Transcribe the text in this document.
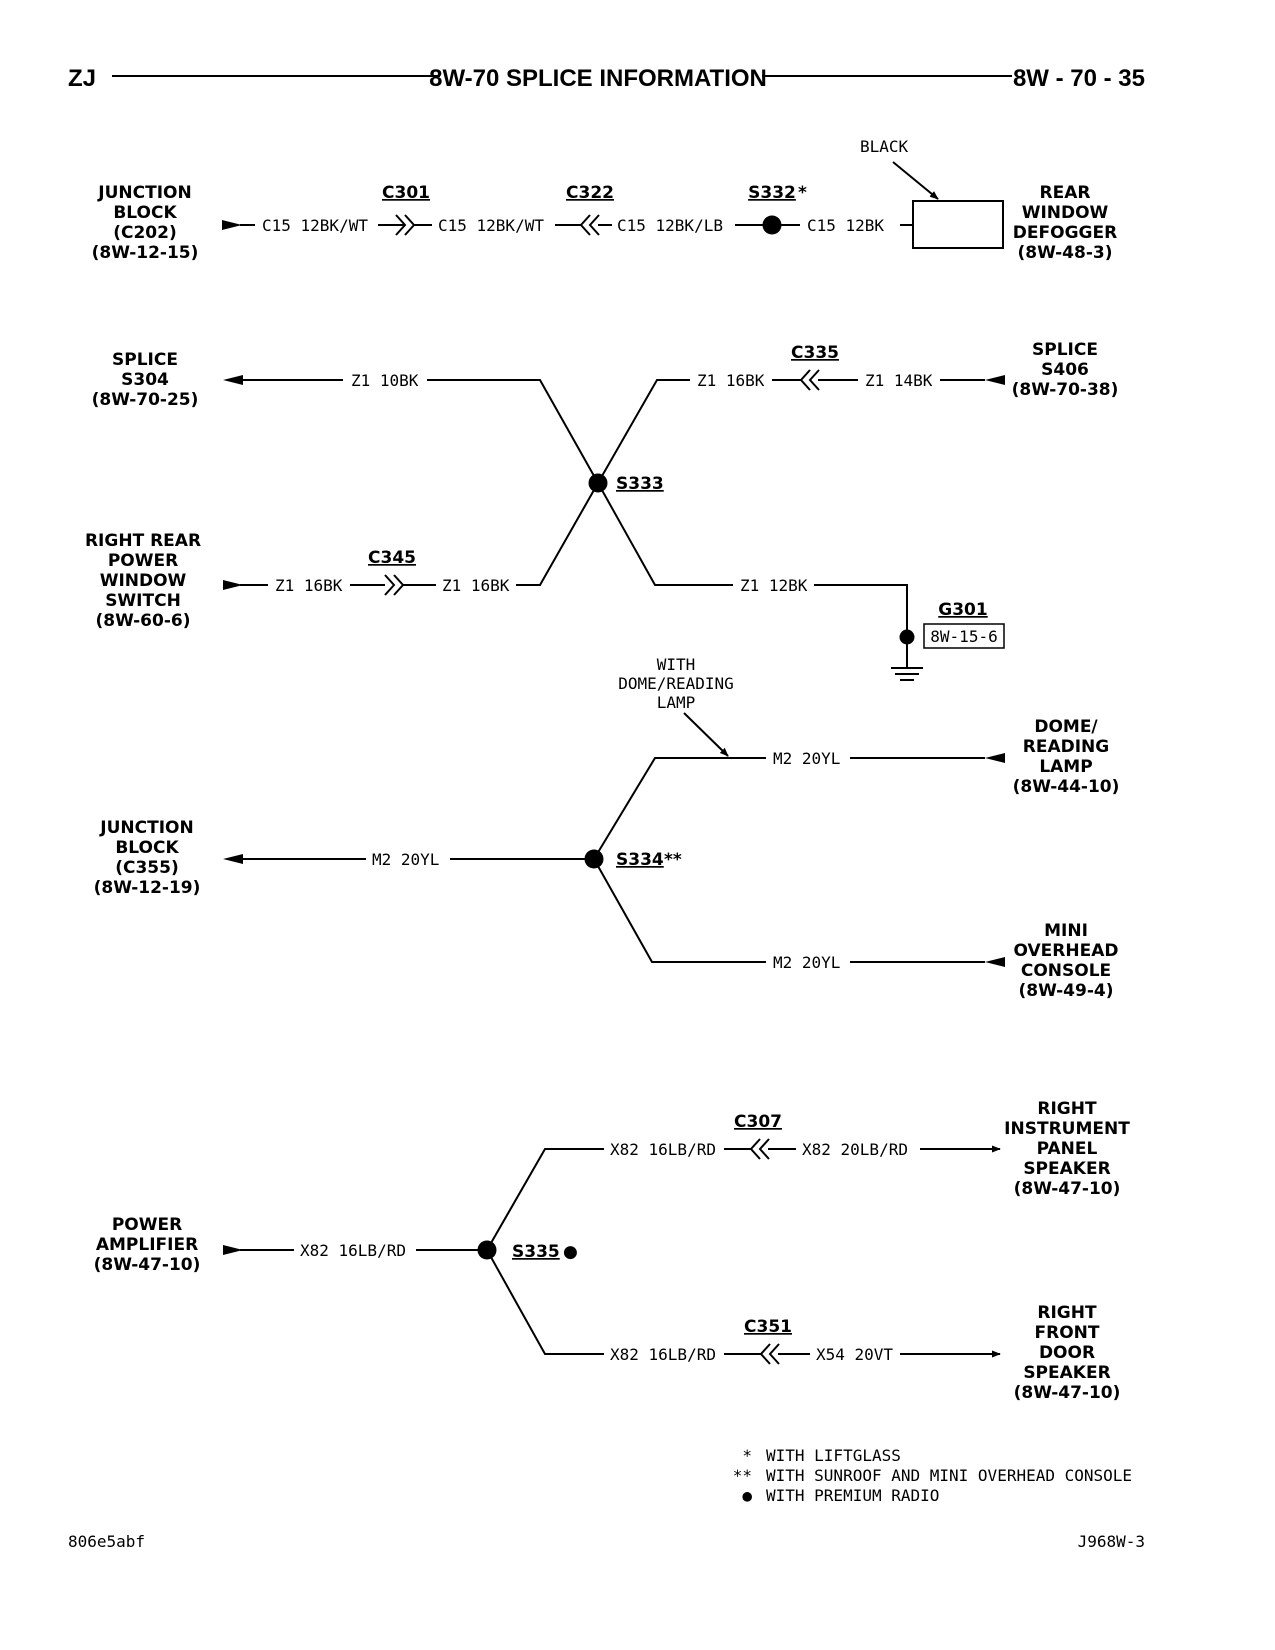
ZJ	8W-70 SPLICE INFORMATION	8W - 70 - 35
JUNCTION
BLOCK
(C202)
(8W-12-15)
C15 12BK/WT
C301
C15 12BK/WT
C322
C15 12BK/LB
S332 *
C15 12BK
BLACK
REAR
WINDOW
DEFOGGER
(8W-48-3)
SPLICE
S304
(8W-70-25)
Z1 10BK	Z1 16BK
C335
Z1 14BK
SPLICE
S406
(8W-70-38)
S333
RIGHT REAR
POWER
WINDOW
SWITCH
(8W-60-6)
Z1 16BK
C345
Z1 16BK	Z1 12BK
G301
8W-15-6
WITH
DOME/READING
LAMP
M2 20YL
DOME/
READING
LAMP
(8W-44-10)
JUNCTION
BLOCK
(C355)
(8W-12-19)
M2 20YL	S334 **
M2 20YL
MINI
OVERHEAD
CONSOLE
(8W-49-4)
X82 16LB/RD
C307
X82 20LB/RD
RIGHT
INSTRUMENT
PANEL
SPEAKER
(8W-47-10)
POWER
AMPLIFIER
(8W-47-10)
X82 16LB/RD	S335 ●
X82 16LB/RD
C351
X54 20VT
RIGHT
FRONT
DOOR
SPEAKER
(8W-47-10)
* WITH LIFTGLASS
** WITH SUNROOF AND MINI OVERHEAD CONSOLE
● WITH PREMIUM RADIO
806e5abf	J968W-3
